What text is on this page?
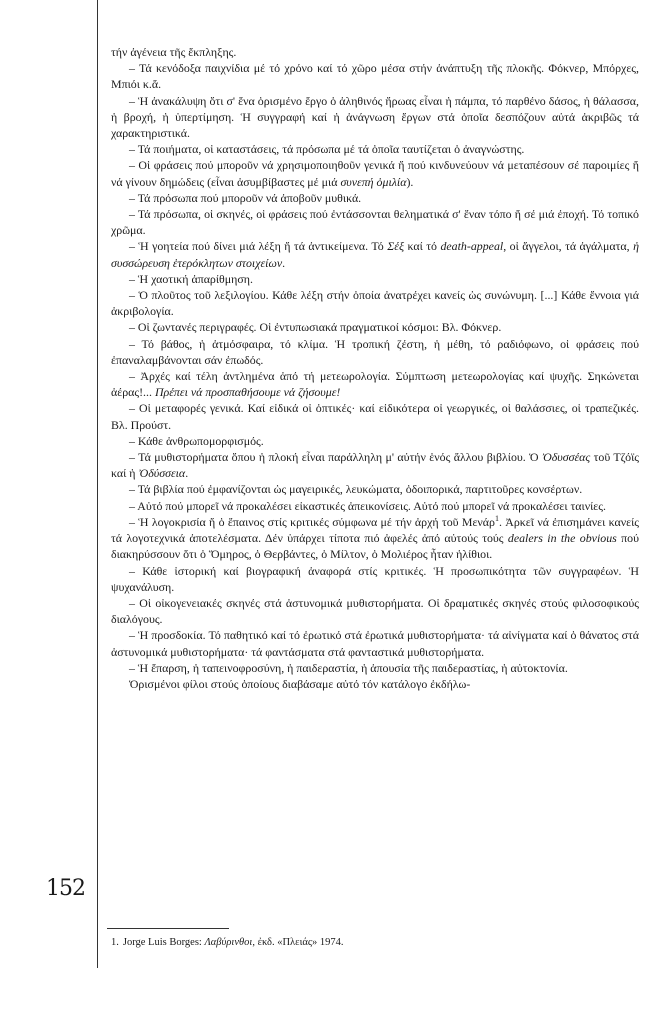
152

τήν ἀγένεια τῆς ἔκπληξης.

– Τά κενόδοξα παιχνίδια μέ τό χρόνο καί τό χῶρο μέσα στήν ἀνάπτυξη τῆς πλοκῆς. Φόκνερ, Μπόρχες, Μπιόι κ.ἄ.

– Ἡ ἀνακάλυψη ὅτι σ' ἕνα ὁρισμένο ἔργο ὁ ἀληθινός ἥρωας εἶναι ἡ πάμπα, τό παρθένο δάσος, ἡ θάλασσα, ἡ βροχή, ἡ ὑπερτίμηση. Ἡ συγγραφή καί ἡ ἀνάγνωση ἔργων στά ὁποῖα δεσπόζουν αὐτά ἀκριβῶς τά χαρακτηριστικά.

– Τά ποιήματα, οἱ καταστάσεις, τά πρόσωπα μέ τά ὁποῖα ταυτίζεται ὁ ἀναγνώστης.

– Οἱ φράσεις πού μποροῦν νά χρησιμοποιηθοῦν γενικά ἤ πού κινδυνεύουν νά μεταπέσουν σέ παροιμίες ἤ νά γίνουν δημώδεις (εἶναι ἀσυμβίβαστες μέ μιά συνεπή ὁμιλία).

– Τά πρόσωπα πού μποροῦν νά ἀποβοῦν μυθικά.

– Τά πρόσωπα, οἱ σκηνές, οἱ φράσεις πού ἐντάσσονται θεληματικά σ' ἕναν τόπο ἤ σέ μιά ἐποχή. Τό τοπικό χρῶμα.

– Ἡ γοητεία πού δίνει μιά λέξη ἤ τά ἀντικείμενα. Τό Σέξ καί τό death-appeal, οἱ ἄγγελοι, τά ἀγάλματα, ἡ συσσώρευση ἑτερόκλητων στοιχείων.

– Ἡ χαοτική ἀπαρίθμηση.

– Ὁ πλοῦτος τοῦ λεξιλογίου. Κάθε λέξη στήν ὁποία ἀνατρέχει κανείς ὡς συνώνυμη. [...] Κάθε ἔννοια γιά ἀκριβολογία.

– Οἱ ζωντανές περιγραφές. Οἱ ἐντυπωσιακά πραγματικοί κόσμοι: Βλ. Φόκνερ.

– Τό βάθος, ἡ ἀτμόσφαιρα, τό κλίμα. Ἡ τροπική ζέστη, ἡ μέθη, τό ραδιόφωνο, οἱ φράσεις πού ἐπαναλαμβάνονται σάν ἐπωδός.

– Ἀρχές καί τέλη ἀντλημένα ἀπό τή μετεωρολογία. Σύμπτωση μετεωρολογίας καί ψυχῆς. Σηκώνεται ἀέρας!... Πρέπει νά προσπαθήσουμε νά ζήσουμε!

– Οἱ μεταφορές γενικά. Καί εἰδικά οἱ ὀπτικές· καί εἰδικότερα οἱ γεωργικές, οἱ θαλάσσιες, οἱ τραπεζικές. Βλ. Προύστ.

– Κάθε ἀνθρωπομορφισμός.

– Τά μυθιστορήματα ὅπου ἡ πλοκή εἶναι παράλληλη μ' αὐτήν ἑνός ἄλλου βιβλίου. Ὁ Ὀδυσσέας τοῦ Τζόϊς καί ἡ Ὀδύσσεια.

– Τά βιβλία πού ἐμφανίζονται ὡς μαγειρικές, λευκώματα, ὁδοιπορικά, παρτιτοῦρες κονσέρτων.

– Αὐτό πού μπορεῖ νά προκαλέσει εἰκαστικές ἀπεικονίσεις. Αὐτό πού μπορεῖ νά προκαλέσει ταινίες.

– Ἡ λογοκρισία ἤ ὁ ἔπαινος στίς κριτικές σύμφωνα μέ τήν ἀρχή τοῦ Μενάρ$^1$. Ἀρκεῖ νά ἐπισημάνει κανείς τά λογοτεχνικά ἀποτελέσματα. Δέν ὑπάρχει τίποτα πιό ἀφελές ἀπό αὐτούς τούς dealers in the obvious πού διακηρύσσουν ὅτι ὁ Ὅμηρος, ὁ Θερβάντες, ὁ Μίλτον, ὁ Μολιέρος ἦταν ἠλίθιοι.

– Κάθε ἱστορική καί βιογραφική ἀναφορά στίς κριτικές. Ἡ προσωπικότητα τῶν συγγραφέων. Ἡ ψυχανάλυση.

– Οἱ οἰκογενειακές σκηνές στά ἀστυνομικά μυθιστορήματα. Οἱ δραματικές σκηνές στούς φιλοσοφικούς διαλόγους.

– Ἡ προσδοκία. Τό παθητικό καί τό ἐρωτικό στά ἐρωτικά μυθιστορήματα· τά αἰνίγματα καί ὁ θάνατος στά ἀστυνομικά μυθιστορήματα· τά φαντάσματα στά φανταστικά μυθιστορήματα.

– Ἡ ἔπαρση, ἡ ταπεινοφροσύνη, ἡ παιδεραστία, ἡ ἀπουσία τῆς παιδεραστίας, ἡ αὐτοκτονία.

Ὁρισμένοι φίλοι στούς ὁποίους διαβάσαμε αὐτό τόν κατάλογο ἐκδήλω-

1. Jorge Luis Borges: Λαβύρινθοι, ἐκδ. «Πλειάς» 1974.
